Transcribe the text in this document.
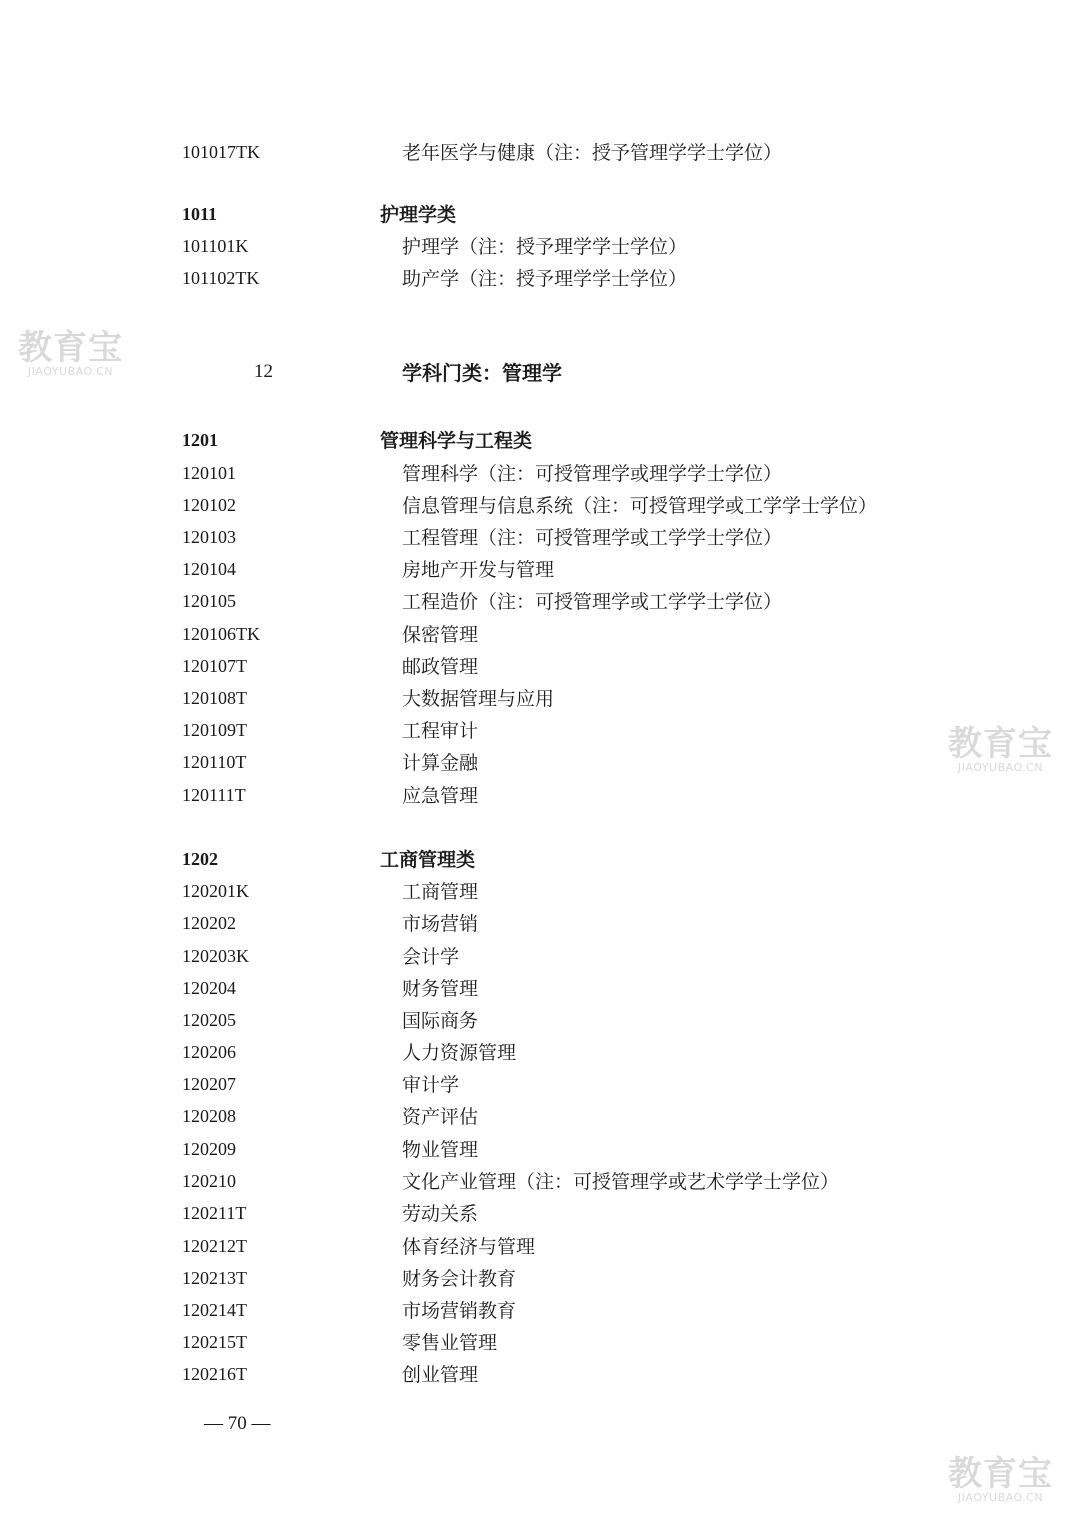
教育宝
JIAOYUBAO.CN
教育宝
JIAOYUBAO.CN
教育宝
JIAOYUBAO.CN
101017TK	老年医学与健康（注：授予管理学学士学位）
1011	护理学类
101101K	护理学（注：授予理学学士学位）
101102TK	助产学（注：授予理学学士学位）
12	学科门类：管理学
1201	管理科学与工程类
120101	管理科学（注：可授管理学或理学学士学位）
120102	信息管理与信息系统（注：可授管理学或工学学士学位）
120103	工程管理（注：可授管理学或工学学士学位）
120104	房地产开发与管理
120105	工程造价（注：可授管理学或工学学士学位）
120106TK	保密管理
120107T	邮政管理
120108T	大数据管理与应用
120109T	工程审计
120110T	计算金融
120111T	应急管理
1202	工商管理类
120201K	工商管理
120202	市场营销
120203K	会计学
120204	财务管理
120205	国际商务
120206	人力资源管理
120207	审计学
120208	资产评估
120209	物业管理
120210	文化产业管理（注：可授管理学或艺术学学士学位）
120211T	劳动关系
120212T	体育经济与管理
120213T	财务会计教育
120214T	市场营销教育
120215T	零售业管理
120216T	创业管理
— 70 —
